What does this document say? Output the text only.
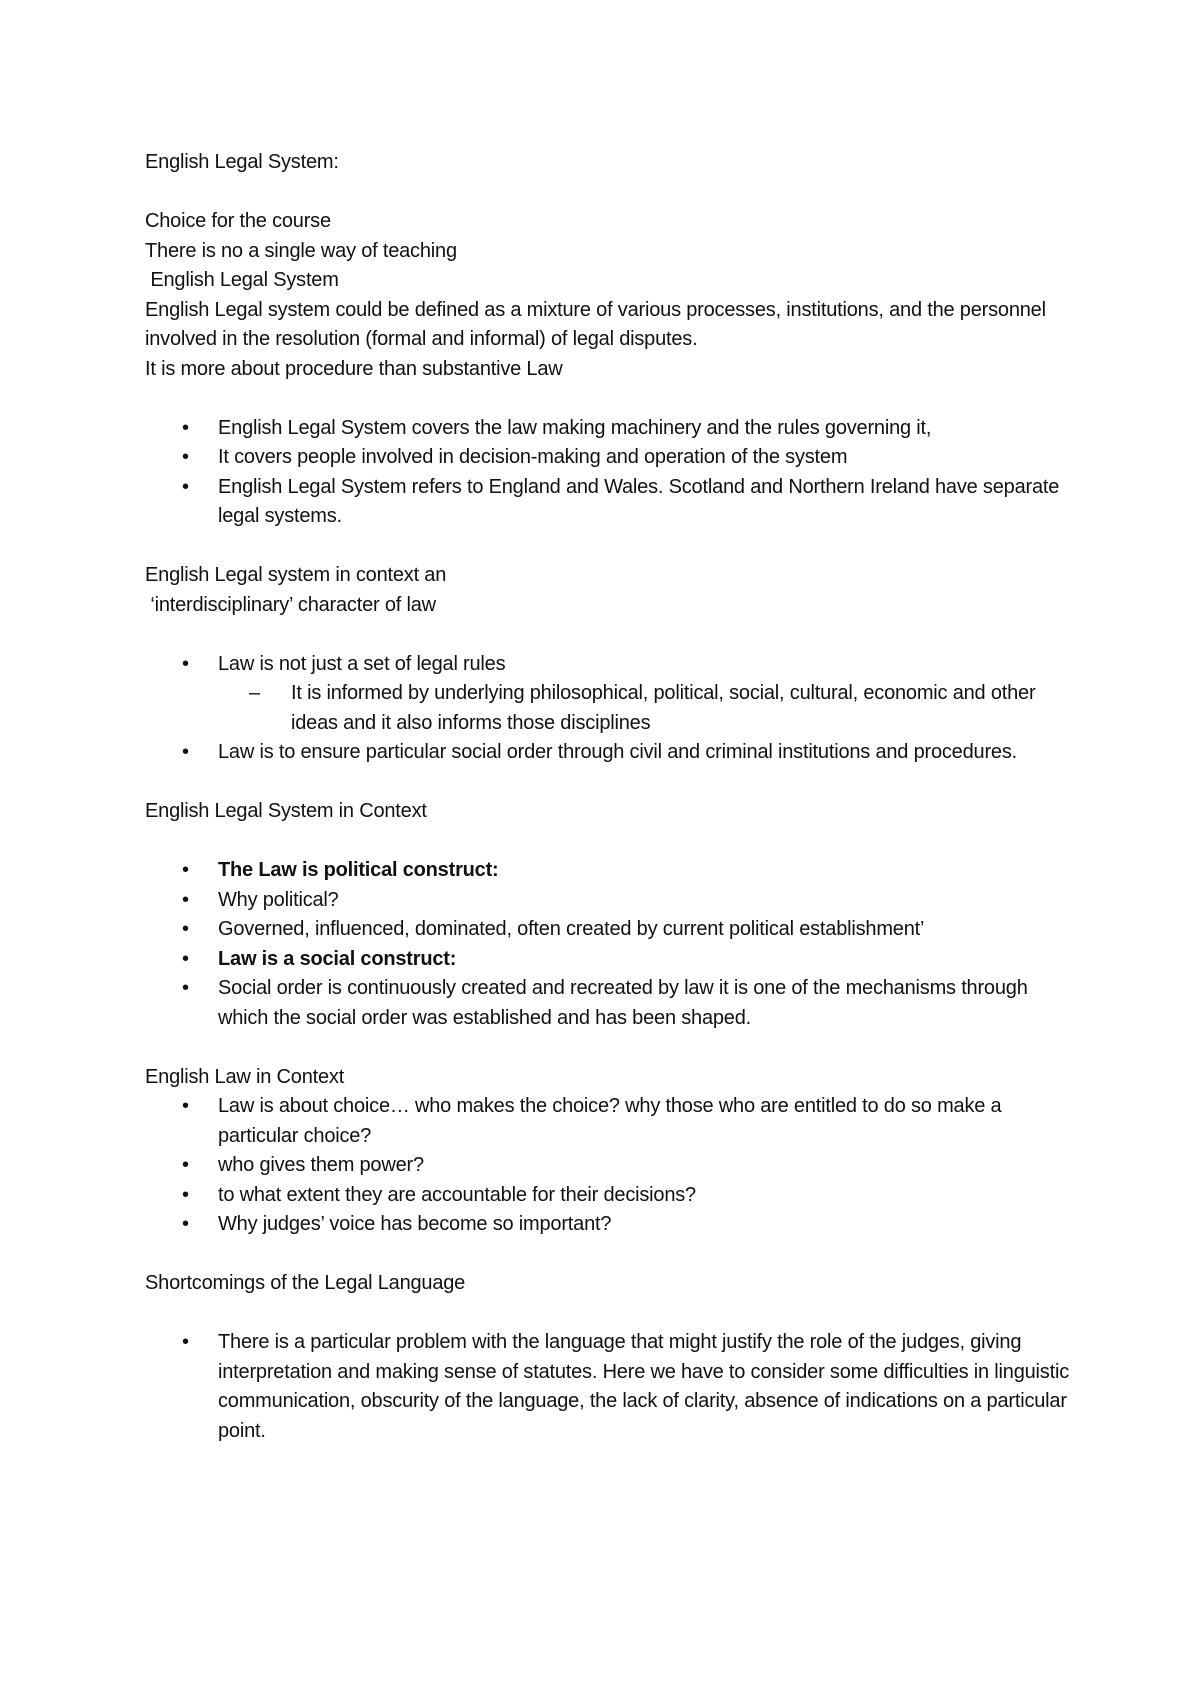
English Legal System:

Choice for the course

There is no a single way of teaching

English Legal System

English Legal system could be defined as a mixture of various processes, institutions, and the personnel involved in the resolution (formal and informal) of legal disputes.

It is more about procedure than substantive Law

•	English Legal System covers the law making machinery and the rules governing it,
•	It covers people involved in decision-making and operation of the system
•	English Legal System refers to England and Wales. Scotland and Northern Ireland have separate legal systems.

English Legal system in context an

‘interdisciplinary’ character of law

•	Law is not just a set of legal rules
– It is informed by underlying philosophical, political, social, cultural, economic and other ideas and it also informs those disciplines
•	Law is to ensure particular social order through civil and criminal institutions and procedures.

English Legal System in Context

•	The Law is political construct:
•	Why political?
•	Governed, influenced, dominated, often created by current political establishment’
•	Law is a social construct:
•	Social order is continuously created and recreated by law it is one of the mechanisms through which the social order was established and has been shaped.

English Law in Context

•	Law is about choice… who makes the choice? why those who are entitled to do so make a particular choice?
•	who gives them power?
•	to what extent they are accountable for their decisions?
•	Why judges’ voice has become so important?

Shortcomings of the Legal Language

•	There is a particular problem with the language that might justify the role of the judges, giving interpretation and making sense of statutes. Here we have to consider some difficulties in linguistic communication, obscurity of the language, the lack of clarity, absence of indications on a particular point.
